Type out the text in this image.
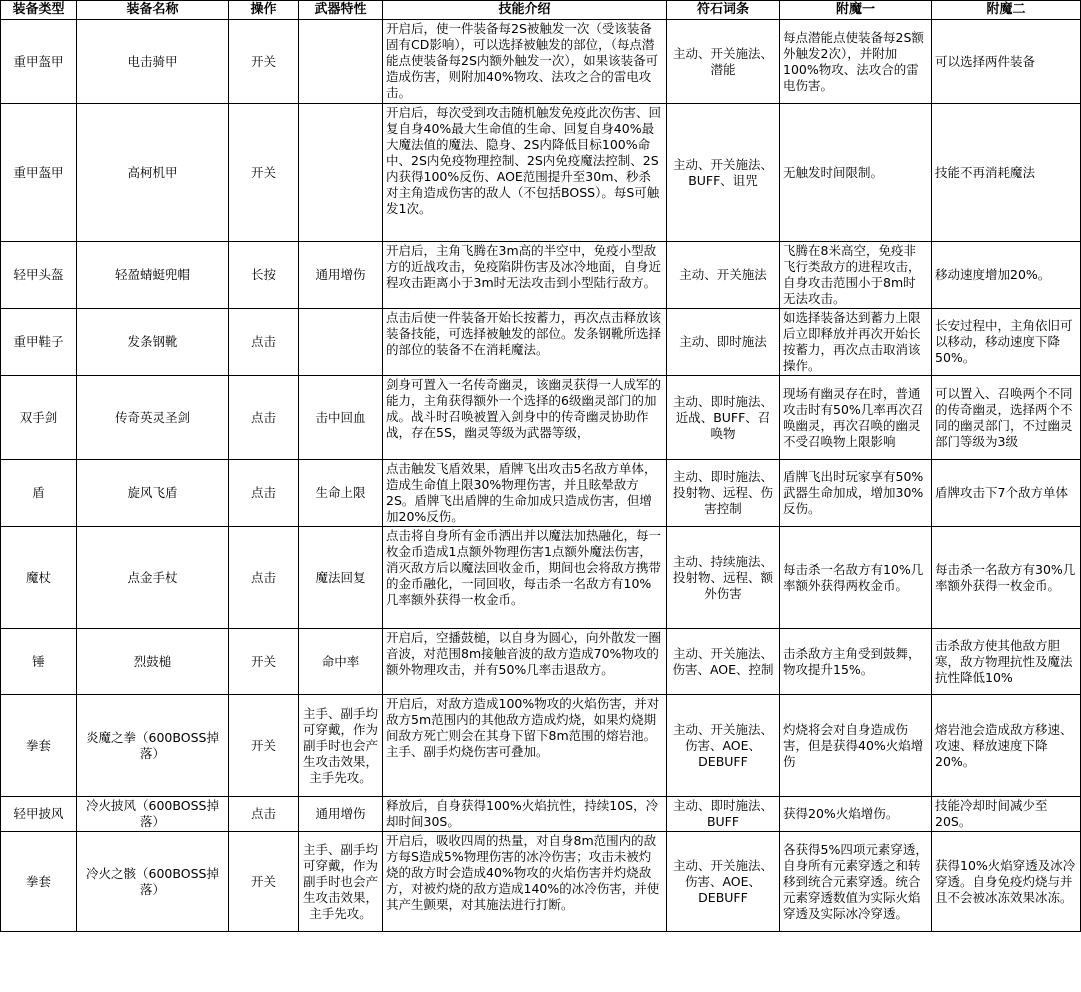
装备类型	装备名称	操作	武器特性	技能介绍	符石词条	附魔一	附魔二
重甲盔甲	电击骑甲	开关		开启后，使一件装备每2S被触发一次（受该装备固有CD影响），可以选择被触发的部位，（每点潜能点使装备每2S内额外触发一次），如果该装备可造成伤害，则附加40%物攻、法攻之合的雷电攻击。	主动、开关施法、潜能	每点潜能点使装备每2S额外触发2次），并附加100%物攻、法攻合的雷电伤害。	可以选择两件装备
重甲盔甲	高柯机甲	开关		开启后，每次受到攻击随机触发免疫此次伤害、回复自身40%最大生命值的生命、回复自身40%最大魔法值的魔法、隐身、2S内降低目标100%命中、2S内免疫物理控制、2S内免疫魔法控制、2S内获得100%反伤、AOE范围提升至30m、秒杀对主角造成伤害的敌人（不包括BOSS）。每S可触发1次。	主动、开关施法、BUFF、诅咒	无触发时间限制。	技能不再消耗魔法
轻甲头盔	轻盈蜻蜓兜帽	长按	通用增伤	开启后，主角飞腾在3m高的半空中，免疫小型敌方的近战攻击，免疫陷阱伤害及冰冷地面，自身近程攻击距离小于3m时无法攻击到小型陆行敌方。	主动、开关施法	飞腾在8米高空，免疫非飞行类敌方的进程攻击，自身攻击范围小于8m时无法攻击。	移动速度增加20%。
重甲鞋子	发条钢靴	点击		点击后使一件装备开始长按蓄力，再次点击释放该装备技能，可选择被触发的部位。发条钢靴所选择的部位的装备不在消耗魔法。	主动、即时施法	如选择装备达到蓄力上限后立即释放并再次开始长按蓄力，再次点击取消该操作。	长安过程中，主角依旧可以移动，移动速度下降50%。
双手剑	传奇英灵圣剑	点击	击中回血	剑身可置入一名传奇幽灵，该幽灵获得一人成军的能力，主角获得额外一个选择的6级幽灵部门的加成。战斗时召唤被置入剑身中的传奇幽灵协助作战，存在5S，幽灵等级为武器等级，	主动、即时施法、近战、BUFF、召唤物	现场有幽灵存在时，普通攻击时有50%几率再次召唤幽灵，再次召唤的幽灵不受召唤物上限影响	可以置入、召唤两个不同的传奇幽灵，选择两个不同的幽灵部门，不过幽灵部门等级为3级
盾	旋风飞盾	点击	生命上限	点击触发飞盾效果，盾牌飞出攻击5名敌方单体，造成生命值上限30%物理伤害，并且眩晕敌方2S。盾牌飞出盾牌的生命加成只造成伤害，但增加20%反伤。	主动、即时施法、投射物、远程、伤害控制	盾牌飞出时玩家享有50%武器生命加成，增加30%反伤。	盾牌攻击下7个敌方单体
魔杖	点金手杖	点击	魔法回复	点击将自身所有金币洒出并以魔法加热融化，每一枚金币造成1点额外物理伤害1点额外魔法伤害，消灭敌方后以魔法回收金币，期间也会将敌方携带的金币融化，一同回收，每击杀一名敌方有10%几率额外获得一枚金币。	主动、持续施法、投射物、远程、额外伤害	每击杀一名敌方有10%几率额外获得两枚金币。	每击杀一名敌方有30%几率额外获得一枚金币。
锤	烈鼓槌	开关	命中率	开启后，空播鼓槌，以自身为圆心，向外散发一圈音波，对范围8m接触音波的敌方造成70%物攻的额外物理攻击，并有50%几率击退敌方。	主动、开关施法、伤害、AOE、控制	击杀敌方主角受到鼓舞，物攻提升15%。	击杀敌方使其他敌方胆寒，敌方物理抗性及魔法抗性降低10%
拳套	炎魔之拳（600BOSS掉落）	开关	主手、副手均可穿戴，作为副手时也会产生攻击效果，主手先攻。	开启后，对敌方造成100%物攻的火焰伤害，并对敌方5m范围内的其他敌方造成灼烧，如果灼烧期间敌方死亡则会在其身下留下8m范围的熔岩池。主手、副手灼烧伤害可叠加。	主动、开关施法、伤害、AOE、DEBUFF	灼烧将会对自身造成伤害，但是获得40%火焰增伤	熔岩池会造成敌方移速、攻速、释放速度下降20%。
轻甲披风	冷火披风（600BOSS掉落）	点击	通用增伤	释放后，自身获得100%火焰抗性，持续10S，冷却时间30S。	主动、即时施法、BUFF	获得20%火焰增伤。	技能冷却时间减少至20S。
拳套	冷火之骸（600BOSS掉落）	开关	主手、副手均可穿戴，作为副手时也会产生攻击效果，主手先攻。	开启后，吸收四周的热量，对自身8m范围内的敌方每S造成5%物理伤害的冰冷伤害；攻击未被灼烧的敌方时会造成40%物攻的火焰伤害并灼烧敌方，对被灼烧的敌方造成140%的冰冷伤害，并使其产生颤栗，对其施法进行打断。	主动、开关施法、伤害、AOE、DEBUFF	各获得5%四项元素穿透，自身所有元素穿透之和转移到统合元素穿透。统合元素穿透数值为实际火焰穿透及实际冰冷穿透。	获得10%火焰穿透及冰冷穿透。自身免疫灼烧与并且不会被冰冻效果冰冻。
